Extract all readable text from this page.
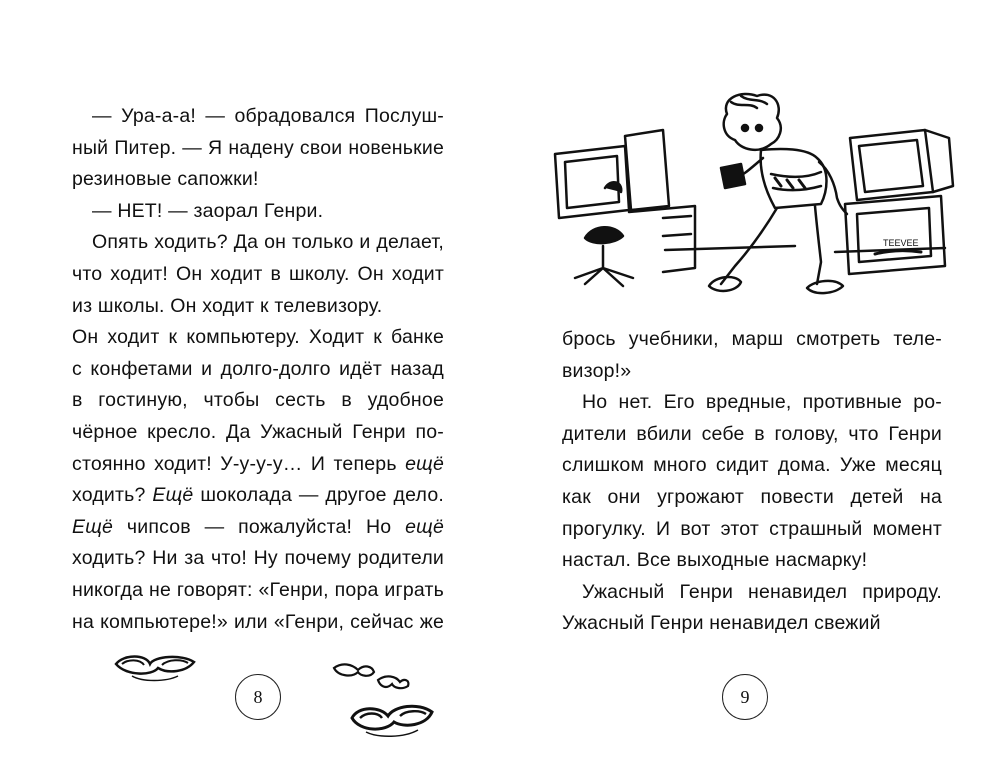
— Ура-а-а! — обрадовался Послуш-
ный Питер. — Я надену свои новенькие
резиновые сапожки!
— НЕТ! — заорал Генри.
Опять ходить? Да он только и делает,
что ходит! Он ходит в школу. Он ходит
из школы. Он ходит к телевизору.
Он ходит к компьютеру. Ходит к банке
с конфетами и долго-долго идёт назад
в гостиную, чтобы сесть в удобное
чёрное кресло. Да Ужасный Генри по-
стоянно ходит! У-у-у-у… И теперь ещё
ходить? Ещё шоколада — другое дело.
Ещё чипсов — пожалуйста! Но ещё
ходить? Ни за что! Ну почему родители
никогда не говорят: «Генри, пора играть
на компьютере!» или «Генри, сейчас же
8
TEEVEE
брось учебники, марш смотреть теле-
визор!»
Но нет. Его вредные, противные ро-
дители вбили себе в голову, что Генри
слишком много сидит дома. Уже месяц
как они угрожают повести детей на
прогулку. И вот этот страшный момент
настал. Все выходные насмарку!
Ужасный Генри ненавидел природу.
Ужасный Генри ненавидел свежий
9
